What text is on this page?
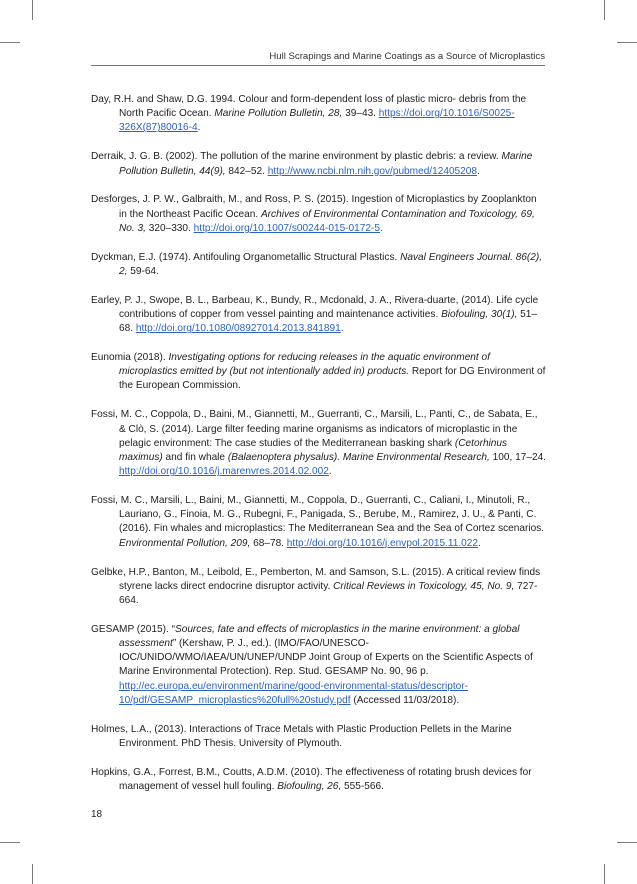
Hull Scrapings and Marine Coatings as a Source of Microplastics

Day, R.H. and Shaw, D.G. 1994. Colour and form-dependent loss of plastic micro- debris from the North Pacific Ocean. Marine Pollution Bulletin, 28, 39–43. https://doi.org/10.1016/S0025-326X(87)80016-4.

Derraik, J. G. B. (2002). The pollution of the marine environment by plastic debris: a review. Marine Pollution Bulletin, 44(9), 842–52. http://www.ncbi.nlm.nih.gov/pubmed/12405208.

Desforges, J. P. W., Galbraith, M., and Ross, P. S. (2015). Ingestion of Microplastics by Zooplankton in the Northeast Pacific Ocean. Archives of Environmental Contamination and Toxicology, 69, No. 3, 320–330. http://doi.org/10.1007/s00244-015-0172-5.

Dyckman, E.J. (1974). Antifouling Organometallic Structural Plastics. Naval Engineers Journal. 86(2), 2, 59-64.

Earley, P. J., Swope, B. L., Barbeau, K., Bundy, R., Mcdonald, J. A., Rivera-duarte, (2014). Life cycle contributions of copper from vessel painting and maintenance activities. Biofouling, 30(1), 51–68. http://doi.org/10.1080/08927014.2013.841891.

Eunomia (2018). Investigating options for reducing releases in the aquatic environment of microplastics emitted by (but not intentionally added in) products. Report for DG Environment of the European Commission.

Fossi, M. C., Coppola, D., Baini, M., Giannetti, M., Guerranti, C., Marsili, L., Panti, C., de Sabata, E., & Clò, S. (2014). Large filter feeding marine organisms as indicators of microplastic in the pelagic environment: The case studies of the Mediterranean basking shark (Cetorhinus maximus) and fin whale (Balaenoptera physalus). Marine Environmental Research, 100, 17–24. http://doi.org/10.1016/j.marenvres.2014.02.002.

Fossi, M. C., Marsili, L., Baini, M., Giannetti, M., Coppola, D., Guerranti, C., Caliani, I., Minutoli, R., Lauriano, G., Finoia, M. G., Rubegni, F., Panigada, S., Berube, M., Ramirez, J. U., & Panti, C. (2016). Fin whales and microplastics: The Mediterranean Sea and the Sea of Cortez scenarios. Environmental Pollution, 209, 68–78. http://doi.org/10.1016/j.envpol.2015.11.022.

Gelbke, H.P., Banton, M., Leibold, E., Pemberton, M. and Samson, S.L. (2015). A critical review finds styrene lacks direct endocrine disruptor activity. Critical Reviews in Toxicology, 45, No. 9, 727-664.

GESAMP (2015). “Sources, fate and effects of microplastics in the marine environment: a global assessment” (Kershaw, P. J., ed.). (IMO/FAO/UNESCO-IOC/UNIDO/WMO/IAEA/UN/UNEP/UNDP Joint Group of Experts on the Scientific Aspects of Marine Environmental Protection). Rep. Stud. GESAMP No. 90, 96 p. http://ec.europa.eu/environment/marine/good-environmental-status/descriptor-10/pdf/GESAMP_microplastics%20full%20study.pdf (Accessed 11/03/2018).

Holmes, L.A., (2013). Interactions of Trace Metals with Plastic Production Pellets in the Marine Environment. PhD Thesis. University of Plymouth.

Hopkins, G.A., Forrest, B.M., Coutts, A.D.M. (2010). The effectiveness of rotating brush devices for management of vessel hull fouling. Biofouling, 26, 555-566.

18
